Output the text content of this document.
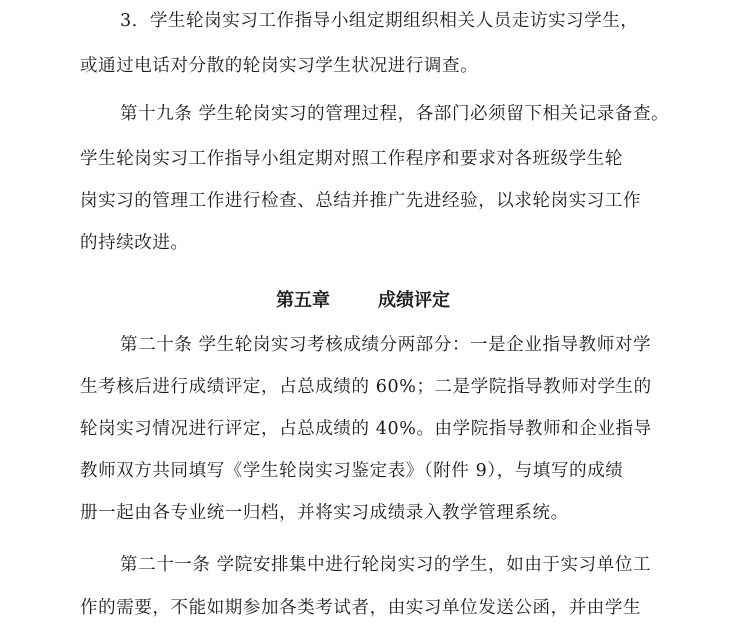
3．学生轮岗实习工作指导小组定期组织相关人员走访实习学生，
或通过电话对分散的轮岗实习学生状况进行调查。
第十九条 学生轮岗实习的管理过程，各部门必须留下相关记录备查。
学生轮岗实习工作指导小组定期对照工作程序和要求对各班级学生轮
岗实习的管理工作进行检查、总结并推广先进经验，以求轮岗实习工作
的持续改进。
第五章	成绩评定
第二十条 学生轮岗实习考核成绩分两部分：一是企业指导教师对学
生考核后进行成绩评定，占总成绩的 60%；二是学院指导教师对学生的
轮岗实习情况进行评定，占总成绩的 40%。由学院指导教师和企业指导
教师双方共同填写《学生轮岗实习鉴定表》（附件 9），与填写的成绩
册一起由各专业统一归档，并将实习成绩录入教学管理系统。
第二十一条 学院安排集中进行轮岗实习的学生，如由于实习单位工
作的需要，不能如期参加各类考试者，由实习单位发送公函，并由学生
